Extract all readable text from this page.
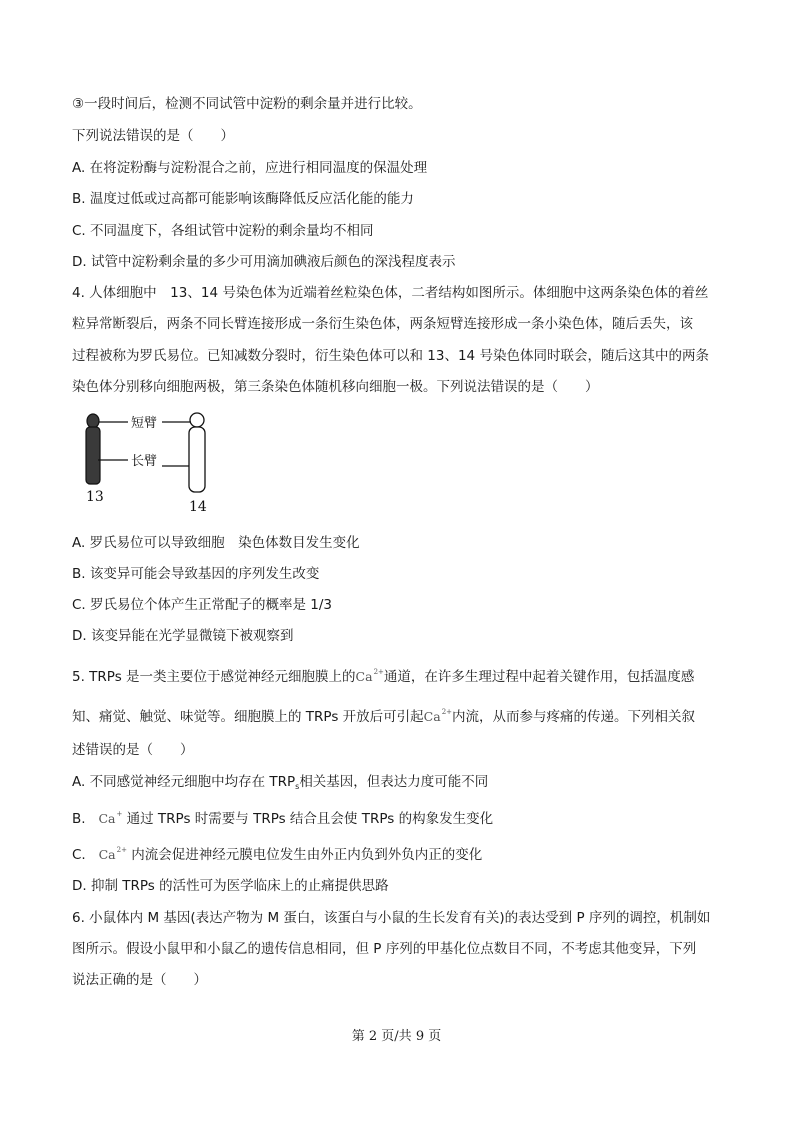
③一段时间后，检测不同试管中淀粉的剩余量并进行比较。
下列说法错误的是（　　）
A. 在将淀粉酶与淀粉混合之前，应进行相同温度的保温处理
B. 温度过低或过高都可能影响该酶降低反应活化能的能力
C. 不同温度下，各组试管中淀粉的剩余量均不相同
D. 试管中淀粉剩余量的多少可用滴加碘液后颜色的深浅程度表示
4. 人体细胞中　13、14 号染色体为近端着丝粒染色体，二者结构如图所示。体细胞中这两条染色体的着丝
粒异常断裂后，两条不同长臂连接形成一条衍生染色体，两条短臂连接形成一条小染色体，随后丢失，该
过程被称为罗氏易位。已知减数分裂时，衍生染色体可以和 13、14 号染色体同时联会，随后这其中的两条
染色体分别移向细胞两极，第三条染色体随机移向细胞一极。下列说法错误的是（　　）
短臂
长臂
13
14
A. 罗氏易位可以导致细胞　染色体数目发生变化
B. 该变异可能会导致基因的序列发生改变
C. 罗氏易位个体产生正常配子的概率是 1/3
D. 该变异能在光学显微镜下被观察到
5. TRPs 是一类主要位于感觉神经元细胞膜上的$Ca^{2+}$通道，在许多生理过程中起着关键作用，包括温度感
知、痛觉、触觉、味觉等。细胞膜上的 TRPs 开放后可引起$Ca^{2+}$内流，从而参与疼痛的传递。下列相关叙
述错误的是（　　）
A. 不同感觉神经元细胞中均存在 $TRP_s$相关基因，但表达力度可能不同
B. Ca+ 通过 TRPs 时需要与 TRPs 结合且会使 TRPs 的构象发生变化
C. $Ca^{2+}$ 内流会促进神经元膜电位发生由外正内负到外负内正的变化
D. 抑制 TRPs 的活性可为医学临床上的止痛提供思路
6. 小鼠体内 M 基因(表达产物为 M 蛋白，该蛋白与小鼠的生长发育有关)的表达受到 P 序列的调控，机制如
图所示。假设小鼠甲和小鼠乙的遗传信息相同，但 P 序列的甲基化位点数目不同，不考虑其他变异，下列
说法正确的是（　　）
第 2 页/共 9 页
